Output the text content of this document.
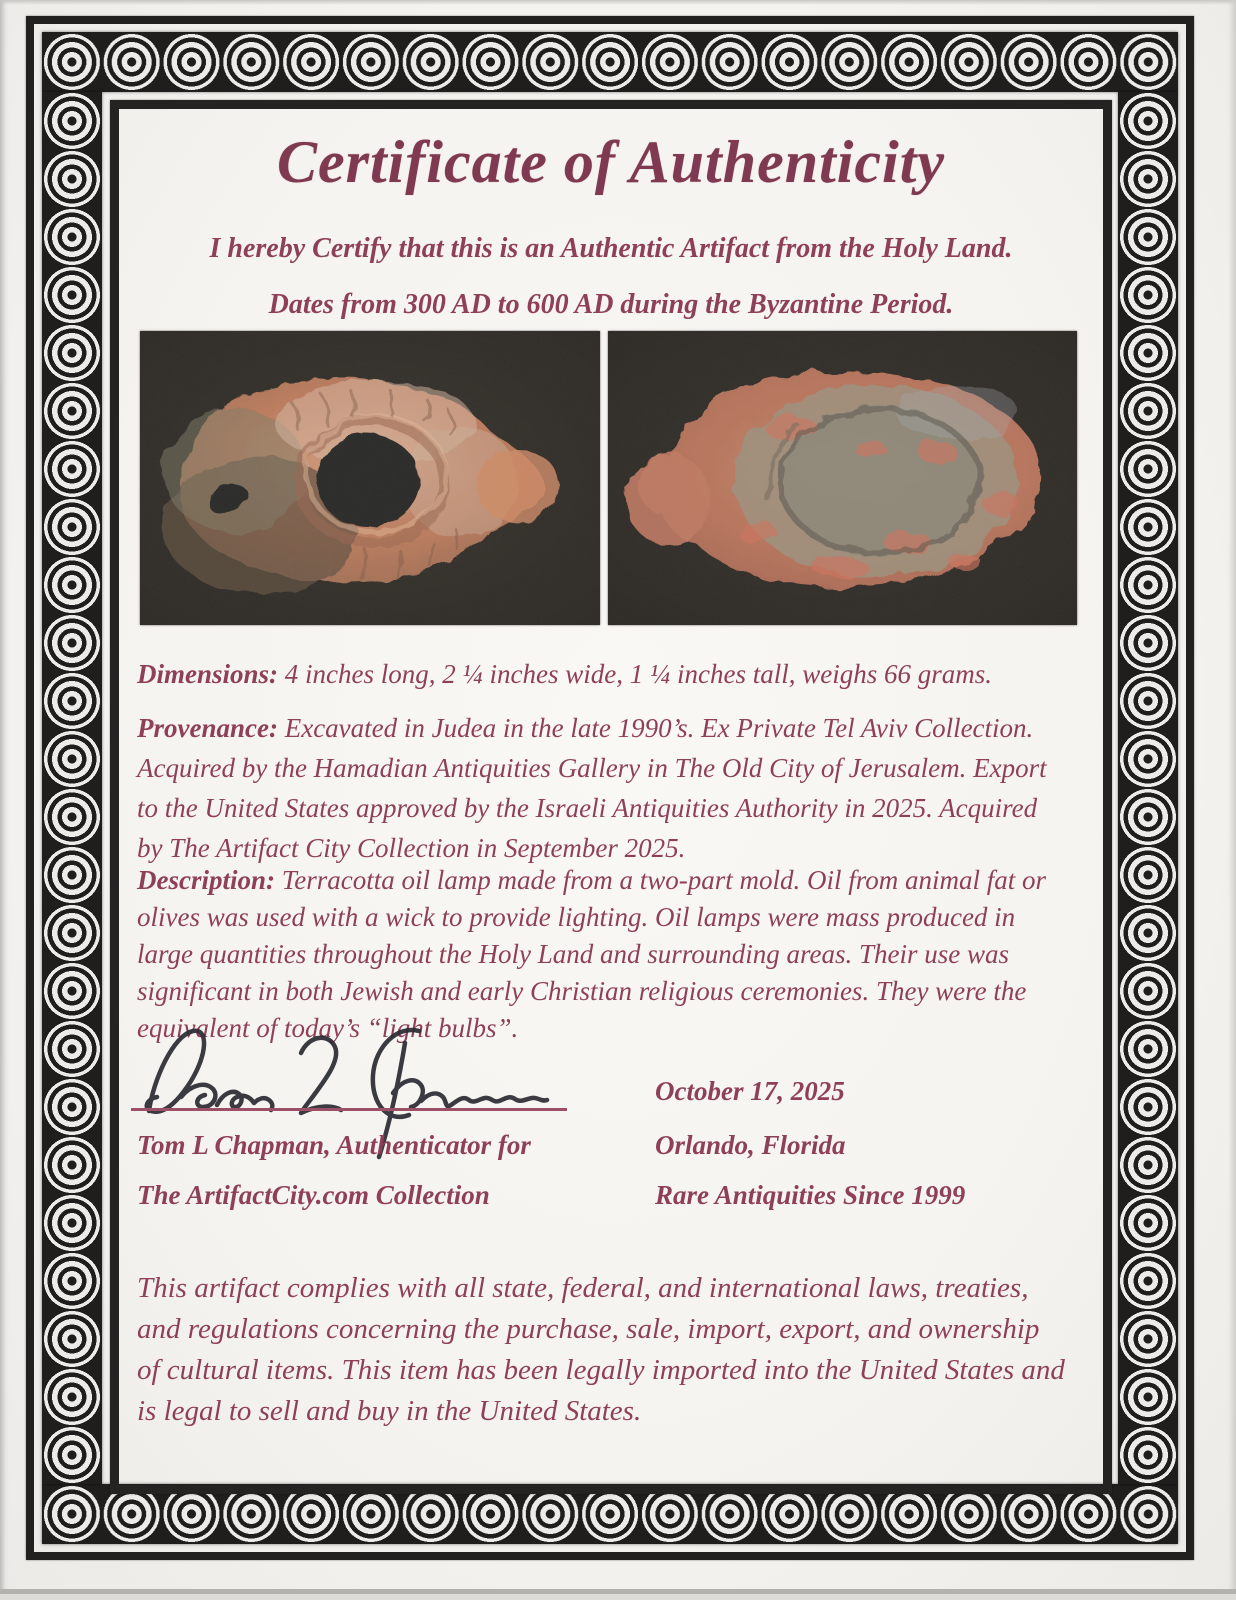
Certificate of Authenticity
I hereby Certify that this is an Authentic Artifact from the Holy Land.
Dates from 300 AD to 600 AD during the Byzantine Period.
Dimensions: 4 inches long, 2 ¼ inches wide, 1 ¼ inches tall, weighs 66 grams.
Provenance: Excavated in Judea in the late 1990’s. Ex Private Tel Aviv Collection. Acquired by the Hamadian Antiquities Gallery in The Old City of Jerusalem. Export to the United States approved by the Israeli Antiquities Authority in 2025. Acquired by The Artifact City Collection in September 2025.
Description: Terracotta oil lamp made from a two-part mold. Oil from animal fat or olives was used with a wick to provide lighting. Oil lamps were mass produced in large quantities throughout the Holy Land and surrounding areas. Their use was significant in both Jewish and early Christian religious ceremonies. They were the equivalent of today’s “light bulbs”.
October 17, 2025
Tom L Chapman, Authenticator for	Orlando, Florida
The ArtifactCity.com Collection	Rare Antiquities Since 1999
This artifact complies with all state, federal, and international laws, treaties, and regulations concerning the purchase, sale, import, export, and ownership of cultural items. This item has been legally imported into the United States and is legal to sell and buy in the United States.
